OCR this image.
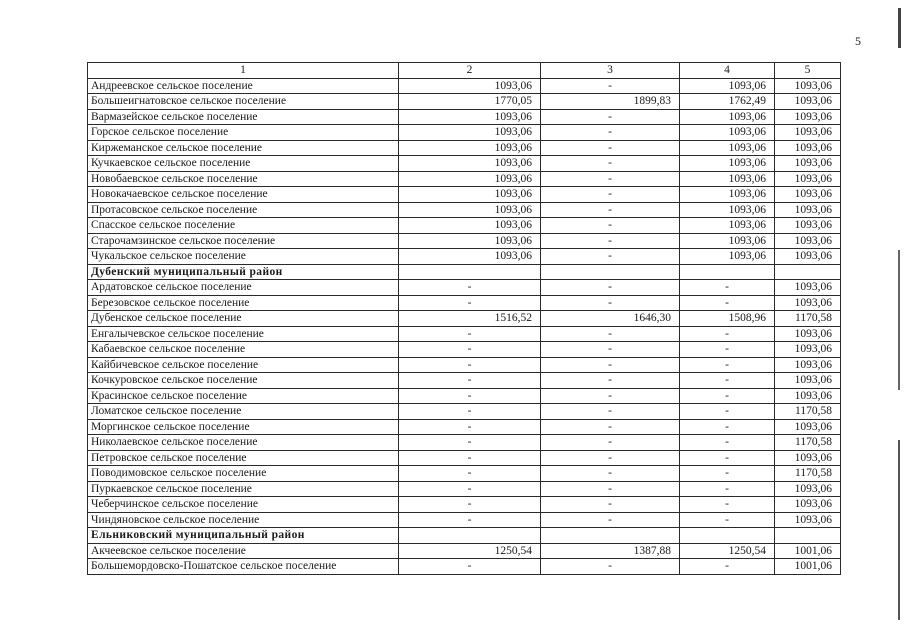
5
1	2	3	4	5
Андреевское сельское поселение	1093,06	-	1093,06	1093,06
Большеигнатовское сельское поселение	1770,05	1899,83	1762,49	1093,06
Вармазейское сельское поселение	1093,06	-	1093,06	1093,06
Горское сельское поселение	1093,06	-	1093,06	1093,06
Киржеманское сельское поселение	1093,06	-	1093,06	1093,06
Кучкаевское сельское поселение	1093,06	-	1093,06	1093,06
Новобаевское сельское поселение	1093,06	-	1093,06	1093,06
Новокачаевское сельское поселение	1093,06	-	1093,06	1093,06
Протасовское сельское поселение	1093,06	-	1093,06	1093,06
Спасское сельское поселение	1093,06	-	1093,06	1093,06
Старочамзинское сельское поселение	1093,06	-	1093,06	1093,06
Чукальское сельское поселение	1093,06	-	1093,06	1093,06
Дубенский муниципальный район				
Ардатовское сельское поселение	-	-	-	1093,06
Березовское сельское поселение	-	-	-	1093,06
Дубенское сельское поселение	1516,52	1646,30	1508,96	1170,58
Енгалычевское сельское поселение	-	-	-	1093,06
Кабаевское сельское поселение	-	-	-	1093,06
Кайбичевское сельское поселение	-	-	-	1093,06
Кочкуровское сельское поселение	-	-	-	1093,06
Красинское сельское поселение	-	-	-	1093,06
Ломатское сельское поселение	-	-	-	1170,58
Моргинское сельское поселение	-	-	-	1093,06
Николаевское сельское поселение	-	-	-	1170,58
Петровское сельское поселение	-	-	-	1093,06
Поводимовское сельское поселение	-	-	-	1170,58
Пуркаевское сельское поселение	-	-	-	1093,06
Чеберчинское сельское поселение	-	-	-	1093,06
Чиндяновское сельское поселение	-	-	-	1093,06
Ельниковский муниципальный район				
Акчеевское сельское поселение	1250,54	1387,88	1250,54	1001,06
Большемордовско-Пошатское сельское поселение	-	-	-	1001,06
